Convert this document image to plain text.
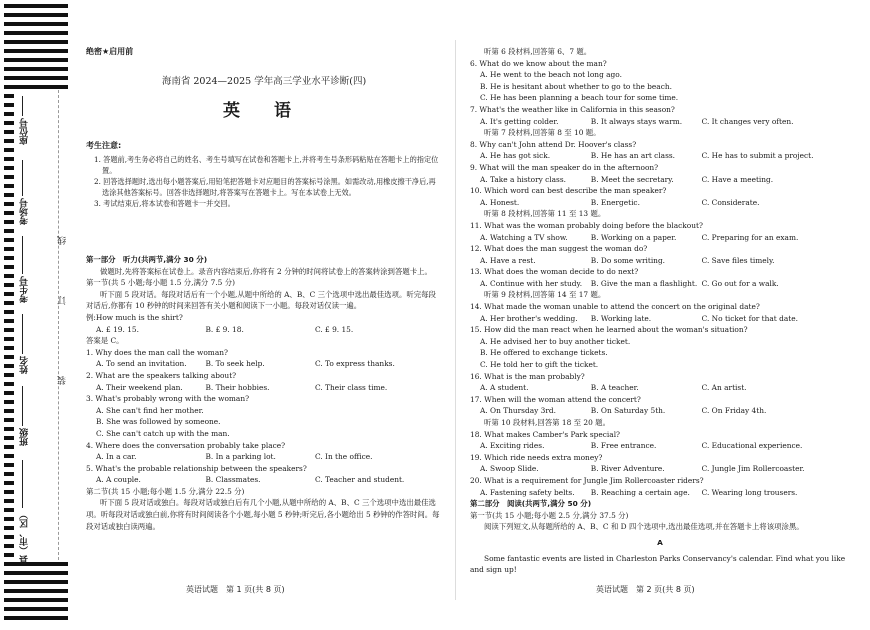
座位号
考场号
考生号
姓名
班级
县（市、区）
线
订
装
绝密★启用前
海南省 2024—2025 学年高三学业水平诊断(四)
英 语
考生注意:

1. 答题前,考生务必将自己的姓名、考生号填写在试卷和答题卡上,并将考生号条形码粘贴在答题卡上的指定位置。

2. 回答选择题时,选出每小题答案后,用铅笔把答题卡对应题目的答案标号涂黑。如需改动,用橡皮擦干净后,再选涂其他答案标号。回答非选择题时,将答案写在答题卡上。写在本试卷上无效。

3. 考试结束后,将本试卷和答题卡一并交回。

第一部分　听力(共两节,满分 30 分)

做题时,先将答案标在试卷上。录音内容结束后,你将有 2 分钟的时间将试卷上的答案转涂到答题卡上。

第一节(共 5 小题;每小题 1.5 分,满分 7.5 分)

听下面 5 段对话。每段对话后有一个小题,从题中所给的 A、B、C 三个选项中选出最佳选项。听完每段对话后,你都有 10 秒钟的时间来回答有关小题和阅读下一小题。每段对话仅读一遍。

例:How much is the shirt?

A. £ 19. 15.	B. £ 9. 18.	C. £ 9. 15.

答案是 C。

1. Why does the man call the woman?

A. To send an invitation.	B. To seek help.	C. To express thanks.

2. What are the speakers talking about?

A. Their weekend plan.	B. Their hobbies.	C. Their class time.

3. What's probably wrong with the woman?

A. She can't find her mother.
B. She was followed by someone.
C. She can't catch up with the man.

4. Where does the conversation probably take place?

A. In a car.	B. In a parking lot.	C. In the office.

5. What's the probable relationship between the speakers?

A. A couple.	B. Classmates.	C. Teacher and student.

第二节(共 15 小题;每小题 1.5 分,满分 22.5 分)

听下面 5 段对话或独白。每段对话或独白后有几个小题,从题中所给的 A、B、C 三个选项中选出最佳选项。听每段对话或独白前,你将有时间阅读各个小题,每小题 5 秒钟;听完后,各小题给出 5 秒钟的作答时间。每段对话或独白读两遍。

英语试题　第 1 页(共 8 页)

听第 6 段材料,回答第 6、7 题。

6. What do we know about the man?

A. He went to the beach not long ago.

B. He is hesitant about whether to go to the beach.

C. He has been planning a beach tour for some time.

7. What's the weather like in California in this season?

A. It's getting colder.	B. It always stays warm.	C. It changes very often.

听第 7 段材料,回答第 8 至 10 题。

8. Why can't John attend Dr. Hoover's class?

A. He has got sick.	B. He has an art class.	C. He has to submit a project.

9. What will the man speaker do in the afternoon?

A. Take a history class.	B. Meet the secretary.	C. Have a meeting.

10. Which word can best describe the man speaker?

A. Honest.	B. Energetic.	C. Considerate.

听第 8 段材料,回答第 11 至 13 题。

11. What was the woman probably doing before the blackout?

A. Watching a TV show.	B. Working on a paper.	C. Preparing for an exam.

12. What does the man suggest the woman do?

A. Have a rest.	B. Do some writing.	C. Save files timely.

13. What does the woman decide to do next?

A. Continue with her study.	B. Give the man a flashlight. C. Go out for a walk.

听第 9 段材料,回答第 14 至 17 题。

14. What made the woman unable to attend the concert on the original date?

A. Her brother's wedding.	B. Working late.	C. No ticket for that date.

15. How did the man react when he learned about the woman's situation?

A. He advised her to buy another ticket.

B. He offered to exchange tickets.

C. He told her to gift the ticket.

16. What is the man probably?

A. A student.	B. A teacher.	C. An artist.

17. When will the woman attend the concert?

A. On Thursday 3rd.	B. On Saturday 5th.	C. On Friday 4th.

听第 10 段材料,回答第 18 至 20 题。

18. What makes Camber's Park special?

A. Exciting rides.	B. Free entrance.	C. Educational experience.

19. Which ride needs extra money?

A. Swoop Slide.	B. River Adventure.	C. Jungle Jim Rollercoaster.

20. What is a requirement for Jungle Jim Rollercoaster riders?

A. Fastening safety belts.	B. Reaching a certain age.	C. Wearing long trousers.

第二部分　阅读(共两节,满分 50 分)

第一节(共 15 小题;每小题 2.5 分,满分 37.5 分)

阅读下列短文,从每题所给的 A、B、C 和 D 四个选项中,选出最佳选项,并在答题卡上将该项涂黑。

A

Some fantastic events are listed in Charleston Parks Conservancy's calendar. Find what you like and sign up!

英语试题　第 2 页(共 8 页)
